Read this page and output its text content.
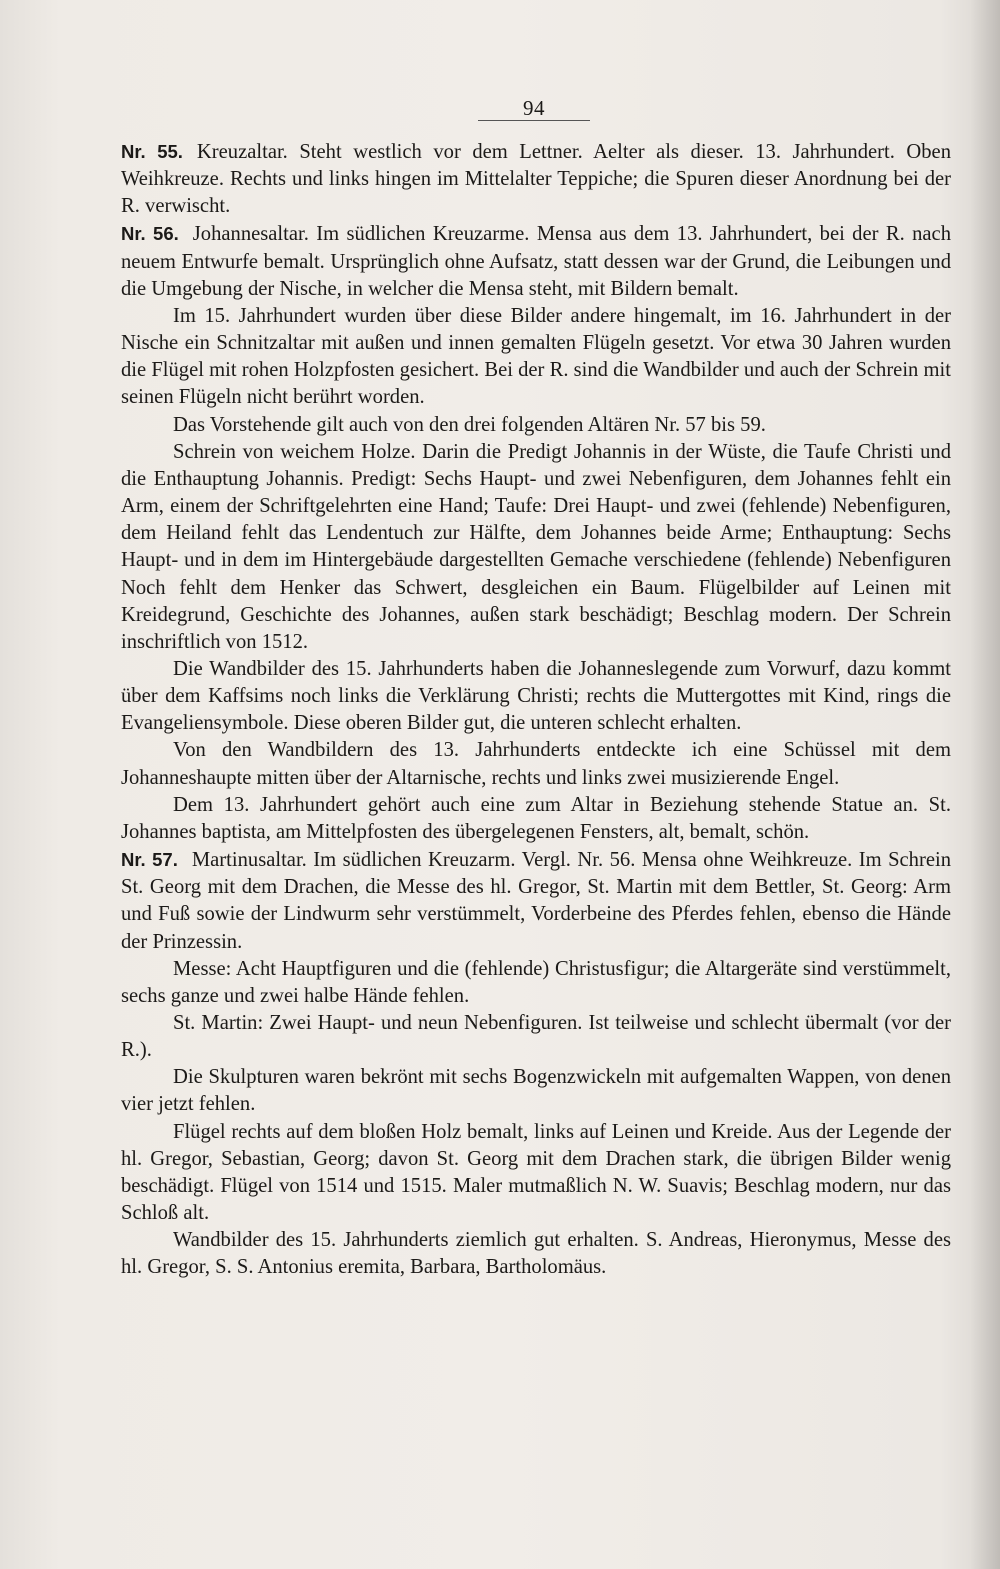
94

Nr. 55. Kreuzaltar. Steht westlich vor dem Lettner. Aelter als dieser. 13. Jahrhundert. Oben Weihkreuze. Rechts und links hingen im Mittelalter Teppiche; die Spuren dieser Anordnung bei der R. verwischt.

Nr. 56. Johannesaltar. Im südlichen Kreuzarme. Mensa aus dem 13. Jahrhundert, bei der R. nach neuem Entwurfe bemalt. Ursprünglich ohne Aufsatz, statt dessen war der Grund, die Leibungen und die Umgebung der Nische, in welcher die Mensa steht, mit Bildern bemalt.

Im 15. Jahrhundert wurden über diese Bilder andere hingemalt, im 16. Jahrhundert in der Nische ein Schnitzaltar mit außen und innen gemalten Flügeln gesetzt. Vor etwa 30 Jahren wurden die Flügel mit rohen Holzpfosten gesichert. Bei der R. sind die Wandbilder und auch der Schrein mit seinen Flügeln nicht berührt worden.

Das Vorstehende gilt auch von den drei folgenden Altären Nr. 57 bis 59.

Schrein von weichem Holze. Darin die Predigt Johannis in der Wüste, die Taufe Christi und die Enthauptung Johannis. Predigt: Sechs Haupt- und zwei Nebenfiguren, dem Johannes fehlt ein Arm, einem der Schriftgelehrten eine Hand; Taufe: Drei Haupt- und zwei (fehlende) Nebenfiguren, dem Heiland fehlt das Lendentuch zur Hälfte, dem Johannes beide Arme; Enthauptung: Sechs Haupt- und in dem im Hintergebäude dargestellten Gemache verschiedene (fehlende) Nebenfiguren Noch fehlt dem Henker das Schwert, desgleichen ein Baum. Flügelbilder auf Leinen mit Kreidegrund, Geschichte des Johannes, außen stark beschädigt; Beschlag modern. Der Schrein inschriftlich von 1512.

Die Wandbilder des 15. Jahrhunderts haben die Johanneslegende zum Vorwurf, dazu kommt über dem Kaffsims noch links die Verklärung Christi; rechts die Muttergottes mit Kind, rings die Evangeliensymbole. Diese oberen Bilder gut, die unteren schlecht erhalten.

Von den Wandbildern des 13. Jahrhunderts entdeckte ich eine Schüssel mit dem Johanneshaupte mitten über der Altarnische, rechts und links zwei musizierende Engel.

Dem 13. Jahrhundert gehört auch eine zum Altar in Beziehung stehende Statue an. St. Johannes baptista, am Mittelpfosten des übergelegenen Fensters, alt, bemalt, schön.

Nr. 57. Martinusaltar. Im südlichen Kreuzarm. Vergl. Nr. 56. Mensa ohne Weihkreuze. Im Schrein St. Georg mit dem Drachen, die Messe des hl. Gregor, St. Martin mit dem Bettler, St. Georg: Arm und Fuß sowie der Lindwurm sehr verstümmelt, Vorderbeine des Pferdes fehlen, ebenso die Hände der Prinzessin.

Messe: Acht Hauptfiguren und die (fehlende) Christusfigur; die Altargeräte sind verstümmelt, sechs ganze und zwei halbe Hände fehlen.

St. Martin: Zwei Haupt- und neun Nebenfiguren. Ist teilweise und schlecht übermalt (vor der R.).

Die Skulpturen waren bekrönt mit sechs Bogenzwickeln mit aufgemalten Wappen, von denen vier jetzt fehlen.

Flügel rechts auf dem bloßen Holz bemalt, links auf Leinen und Kreide. Aus der Legende der hl. Gregor, Sebastian, Georg; davon St. Georg mit dem Drachen stark, die übrigen Bilder wenig beschädigt. Flügel von 1514 und 1515. Maler mutmaßlich N. W. Suavis; Beschlag modern, nur das Schloß alt.

Wandbilder des 15. Jahrhunderts ziemlich gut erhalten. S. Andreas, Hieronymus, Messe des hl. Gregor, S. S. Antonius eremita, Barbara, Bartholomäus.
